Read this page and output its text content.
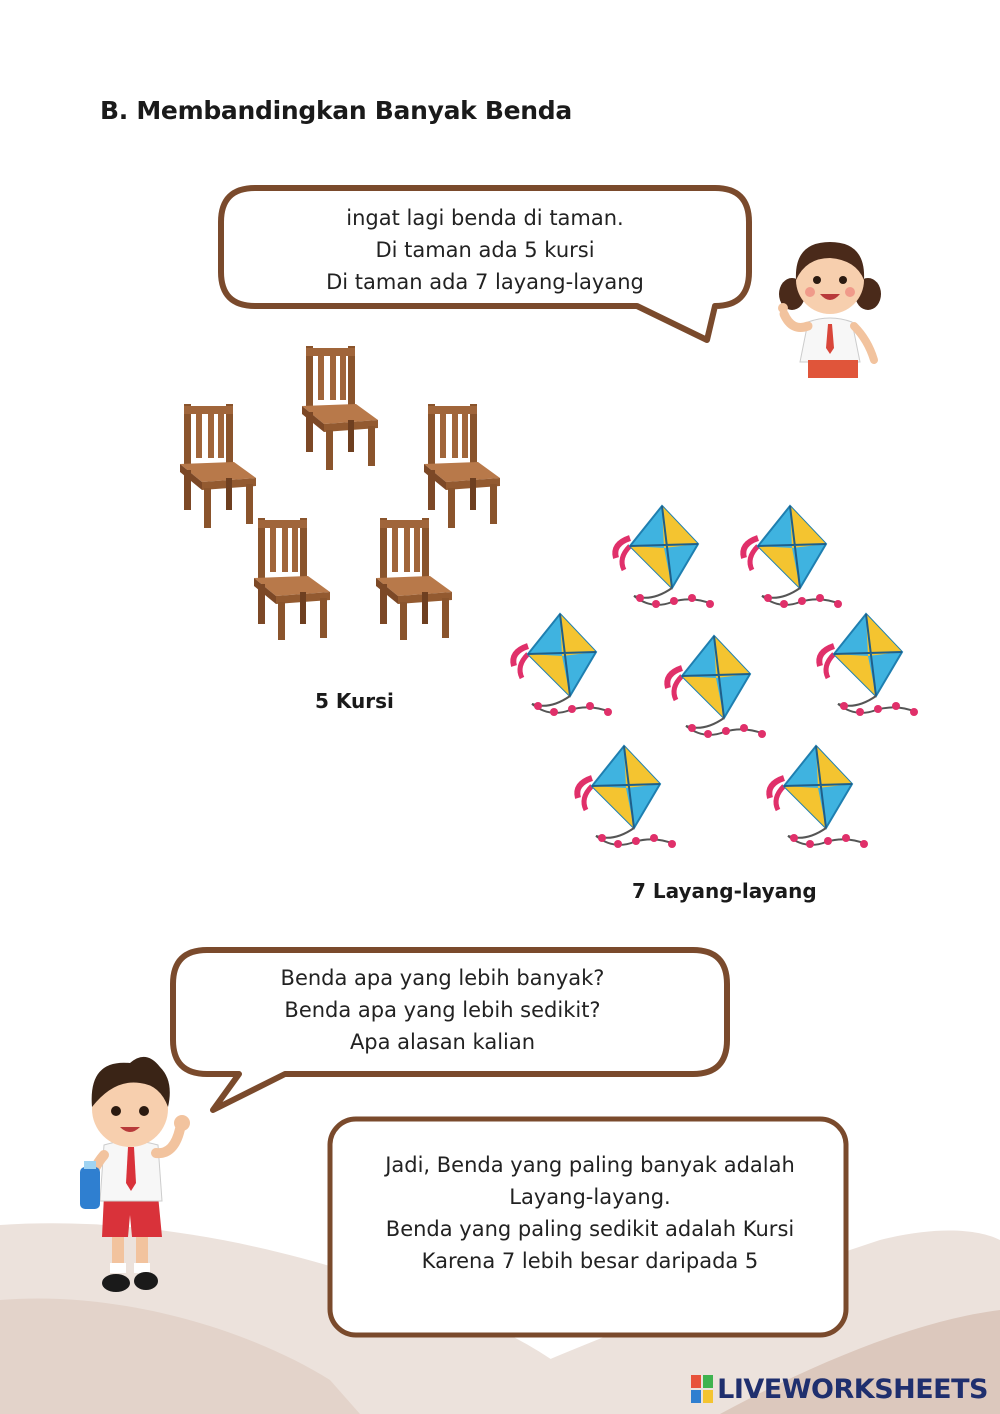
B. Membandingkan Banyak Benda
ingat lagi benda di taman.
Di taman ada 5 kursi
Di taman ada 7 layang-layang
5 Kursi
7 Layang-layang
Benda apa yang lebih banyak?
Benda apa yang lebih sedikit?
Apa alasan kalian
Jadi, Benda yang paling banyak adalah
Layang-layang.
Benda yang paling sedikit adalah Kursi
Karena 7 lebih besar daripada 5
LIVEWORKSHEETS
